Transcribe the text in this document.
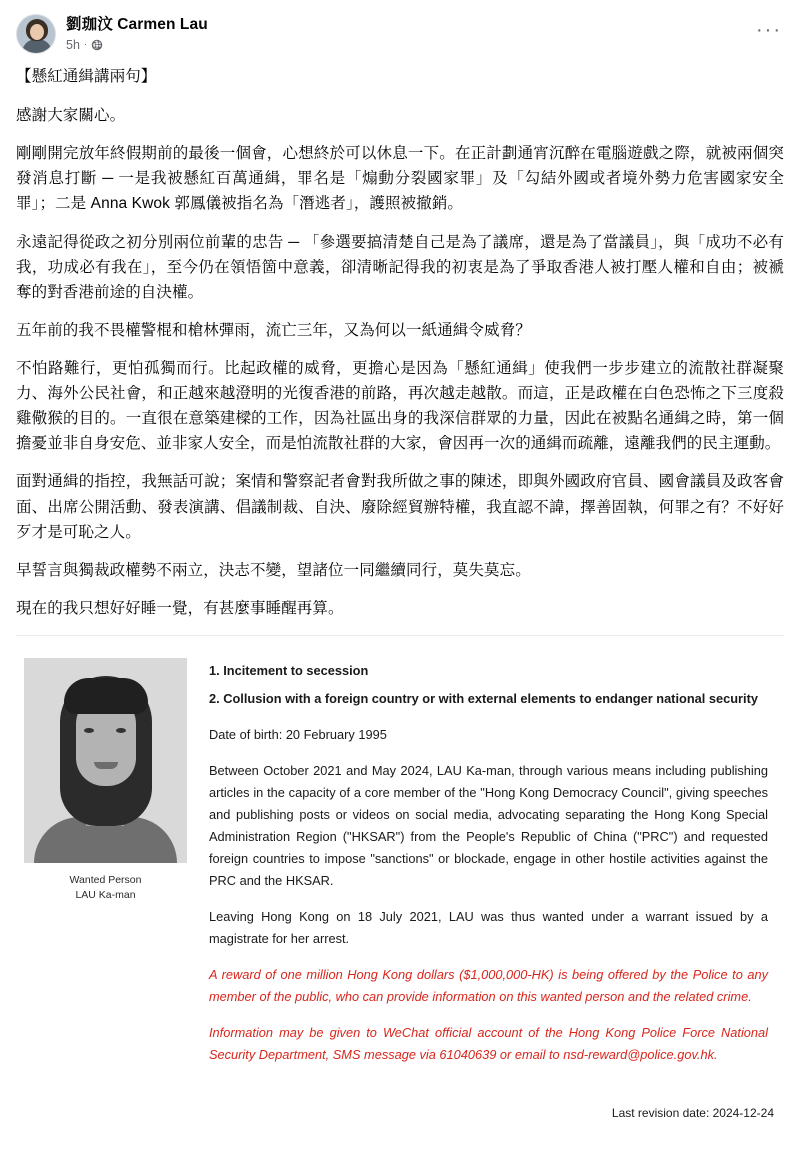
劉珈汶 Carmen Lau
5h ·
···

【懸紅通緝講兩句】

感謝大家關心。

剛剛開完放年終假期前的最後一個會，心想終於可以休息一下。在正計劃通宵沉醉在電腦遊戲之際，就被兩個突發消息打斷 ─ 一是我被懸紅百萬通緝，罪名是「煽動分裂國家罪」及「勾結外國或者境外勢力危害國家安全罪」；二是 Anna Kwok 郭鳳儀被指名為「潛逃者」，護照被撤銷。

永遠記得從政之初分別兩位前輩的忠告 ─ 「參選要搞清楚自己是為了議席，還是為了當議員」，與「成功不必有我，功成必有我在」，至今仍在領悟箇中意義，卻清晰記得我的初衷是為了爭取香港人被打壓人權和自由；被褫奪的對香港前途的自決權。

五年前的我不畏權警棍和槍林彈雨，流亡三年，又為何以一紙通緝令威脅？

不怕路難行，更怕孤獨而行。比起政權的威脅，更擔心是因為「懸紅通緝」使我們一步步建立的流散社群凝聚力、海外公民社會，和正越來越澄明的光復香港的前路，再次越走越散。而這，正是政權在白色恐怖之下三度殺雞儆猴的目的。一直很在意築建樑的工作，因為社區出身的我深信群眾的力量，因此在被點名通緝之時，第一個擔憂並非自身安危、並非家人安全，而是怕流散社群的大家，會因再一次的通緝而疏離，遠離我們的民主運動。

面對通緝的指控，我無話可說；案情和警察記者會對我所做之事的陳述，即與外國政府官員、國會議員及政客會面、出席公開活動、發表演講、倡議制裁、自決、廢除經貿辦特權，我直認不諱，擇善固執，何罪之有？不好好歹才是可恥之人。

早誓言與獨裁政權勢不兩立，決志不變，望諸位一同繼續同行，莫失莫忘。

現在的我只想好好睡一覺，有甚麼事睡醒再算。

Wanted Person
LAU Ka-man

1. Incitement to secession

2. Collusion with a foreign country or with external elements to endanger national security

Date of birth: 20 February 1995

Between October 2021 and May 2024, LAU Ka-man, through various means including publishing articles in the capacity of a core member of the "Hong Kong Democracy Council", giving speeches and publishing posts or videos on social media, advocating separating the Hong Kong Special Administration Region ("HKSAR") from the People's Republic of China ("PRC") and requested foreign countries to impose "sanctions" or blockade, engage in other hostile activities against the PRC and the HKSAR.

Leaving Hong Kong on 18 July 2021, LAU was thus wanted under a warrant issued by a magistrate for her arrest.

A reward of one million Hong Kong dollars ($1,000,000-HK) is being offered by the Police to any member of the public, who can provide information on this wanted person and the related crime.

Information may be given to WeChat official account of the Hong Kong Police Force National Security Department, SMS message via 61040639 or email to nsd-reward@police.gov.hk.

Last revision date: 2024-12-24
